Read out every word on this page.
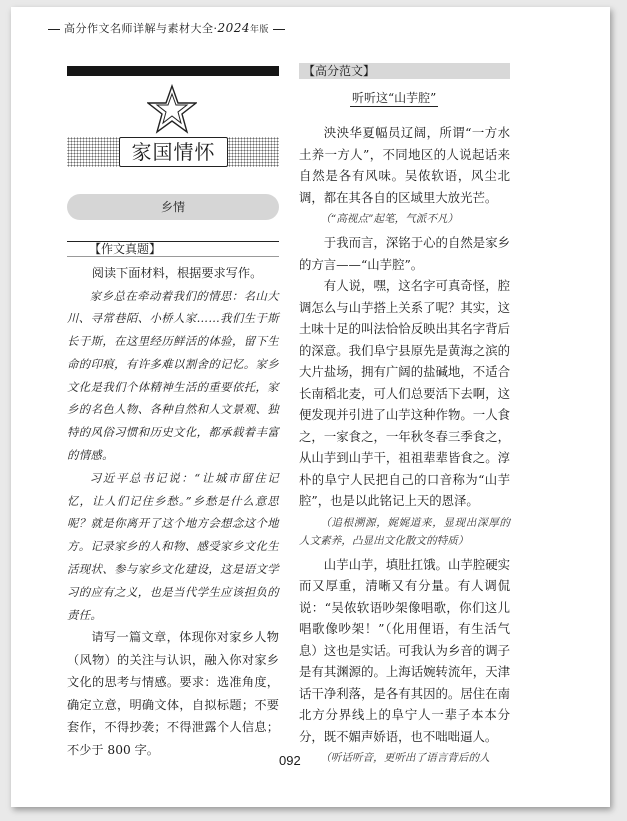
高分作文名师详解与素材大全·2024年版
家国情怀
乡情
【作文真题】

阅读下面材料，根据要求写作。

家乡总在牵动着我们的情思：名山大川、寻常巷陌、小桥人家……我们生于斯长于斯，在这里经历鲜活的体验，留下生命的印痕，有许多难以割舍的记忆。家乡文化是我们个体精神生活的重要依托，家乡的名色人物、各种自然和人文景观、独特的风俗习惯和历史文化，都承载着丰富的情感。

习近平总书记说：“让城市留住记忆，让人们记住乡愁。”乡愁是什么意思呢？就是你离开了这个地方会想念这个地方。记录家乡的人和物、感受家乡文化生活现状、参与家乡文化建设，这是语文学习的应有之义，也是当代学生应该担负的责任。

请写一篇文章，体现你对家乡人物（风物）的关注与认识，融入你对家乡文化的思考与情感。要求：选准角度，确定立意，明确文体，自拟标题；不要套作，不得抄袭；不得泄露个人信息；不少于 800 字。

【高分范文】
听听这“山芋腔”

泱泱华夏幅员辽阔，所谓“一方水土养一方人”，不同地区的人说起话来自然是各有风味。吴侬软语，风尘北调，都在其各自的区域里大放光芒。

（“高视点”起笔，气派不凡）

于我而言，深铭于心的自然是家乡的方言——“山芋腔”。

有人说，嘿，这名字可真奇怪，腔调怎么与山芋搭上关系了呢？其实，这土味十足的叫法恰恰反映出其名字背后的深意。我们阜宁县原先是黄海之滨的大片盐场，拥有广阔的盐碱地，不适合长南稻北麦，可人们总要活下去啊，这便发现并引进了山芋这种作物。一人食之，一家食之，一年秋冬春三季食之，从山芋到山芋干，祖祖辈辈皆食之。淳朴的阜宁人民把自己的口音称为“山芋腔”，也是以此铭记上天的恩泽。

（追根溯源，娓娓道来，显现出深厚的人文素养，凸显出文化散文的特质）

山芋山芋，填肚扛饿。山芋腔硬实而又厚重，清晰又有分量。有人调侃说：“吴侬软语吵架像唱歌，你们这儿唱歌像吵架！”（化用俚语，有生活气息）这也是实话。可我认为乡音的调子是有其渊源的。上海话婉转流年，天津话干净利落，是各有其因的。居住在南北方分界线上的阜宁人一辈子本本分分，既不媚声娇语，也不咄咄逼人。

（听话听音，更听出了语言背后的人

092
